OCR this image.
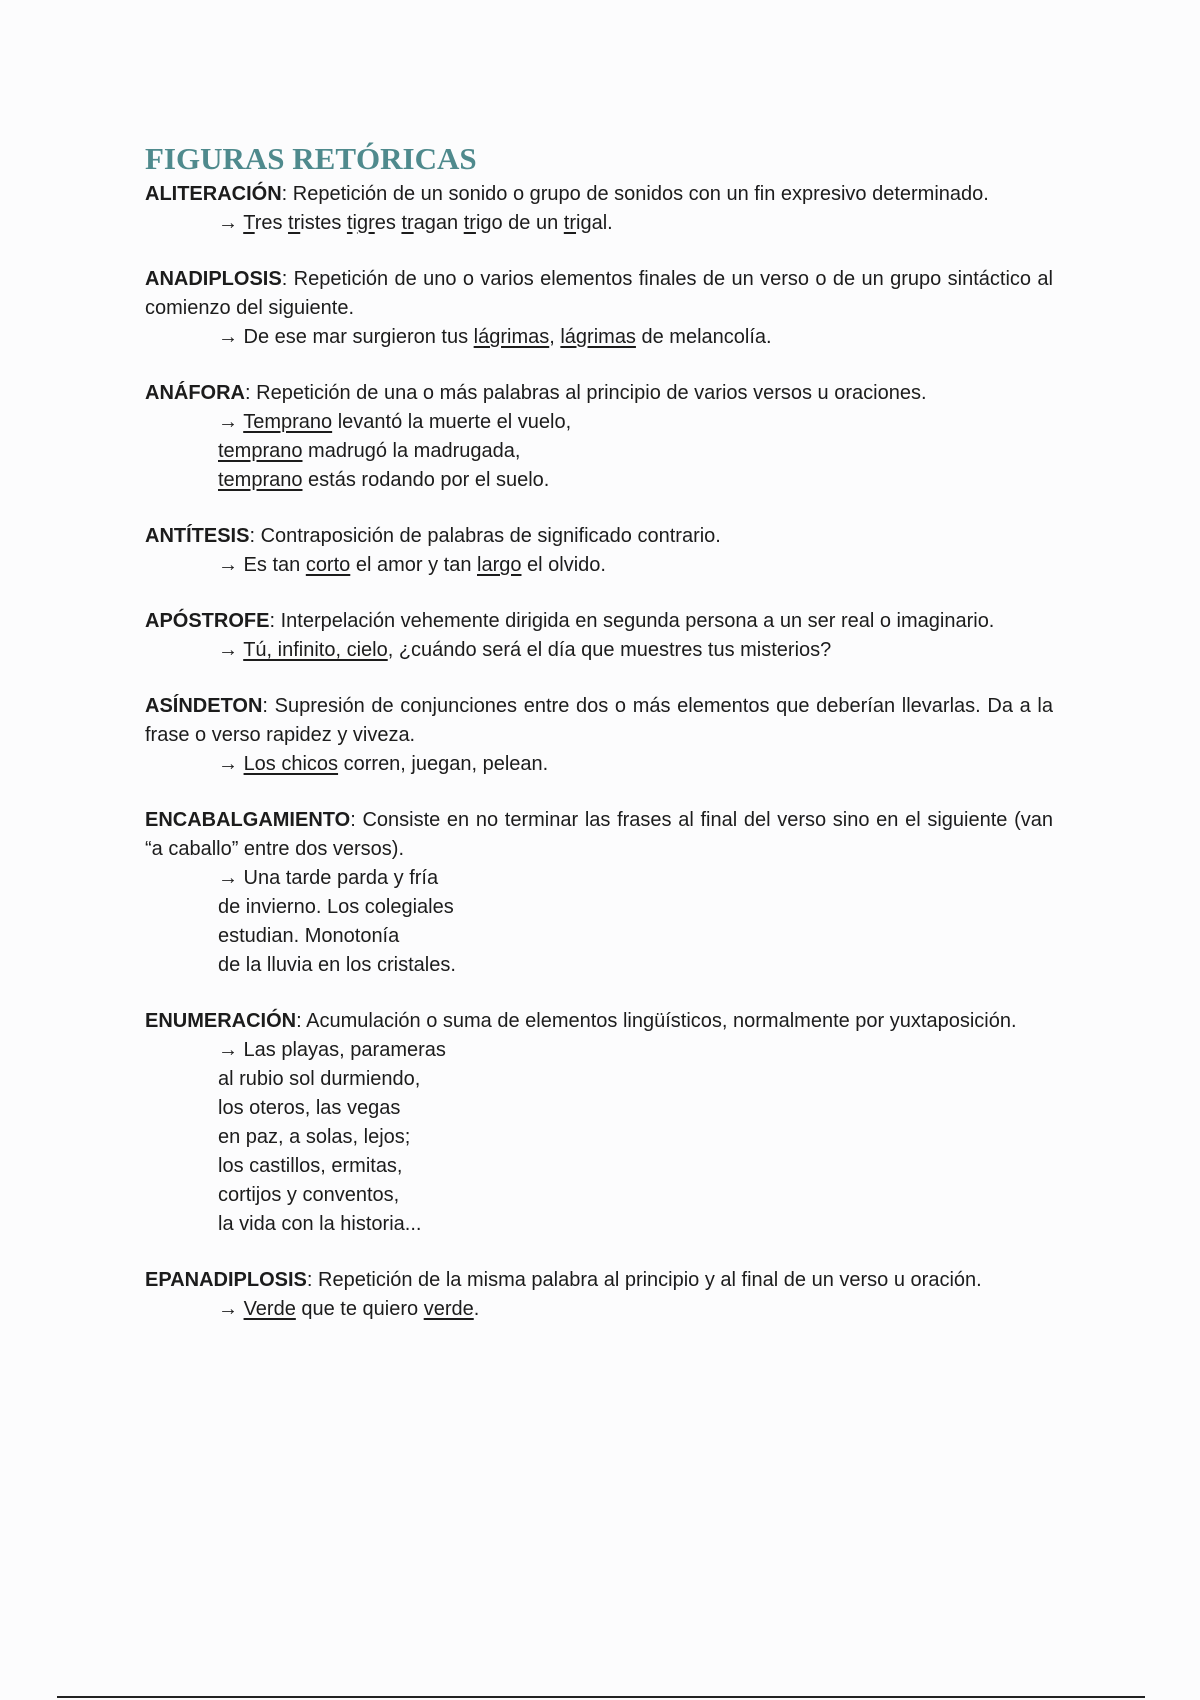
FIGURAS RETÓRICAS

ALITERACIÓN: Repetición de un sonido o grupo de sonidos con un fin expresivo determinado.

→ Tres tristes tigres tragan trigo de un trigal.

ANADIPLOSIS: Repetición de uno o varios elementos finales de un verso o de un grupo sintáctico al comienzo del siguiente.

→ De ese mar surgieron tus lágrimas, lágrimas de melancolía.

ANÁFORA: Repetición de una o más palabras al principio de varios versos u oraciones.

→ Temprano levantó la muerte el vuelo,
temprano madrugó la madrugada,
temprano estás rodando por el suelo.

ANTÍTESIS: Contraposición de palabras de significado contrario.

→ Es tan corto el amor y tan largo el olvido.

APÓSTROFE: Interpelación vehemente dirigida en segunda persona a un ser real o imaginario.

→ Tú, infinito, cielo, ¿cuándo será el día que muestres tus misterios?

ASÍNDETON: Supresión de conjunciones entre dos o más elementos que deberían llevarlas. Da a la frase o verso rapidez y viveza.

→ Los chicos corren, juegan, pelean.

ENCABALGAMIENTO: Consiste en no terminar las frases al final del verso sino en el siguiente (van “a caballo” entre dos versos).

→ Una tarde parda y fría
de invierno. Los colegiales
estudian. Monotonía
de la lluvia en los cristales.

ENUMERACIÓN: Acumulación o suma de elementos lingüísticos, normalmente por yuxtaposición.

→ Las playas, parameras
al rubio sol durmiendo,
los oteros, las vegas
en paz, a solas, lejos;
los castillos, ermitas,
cortijos y conventos,
la vida con la historia...

EPANADIPLOSIS: Repetición de la misma palabra al principio y al final de un verso u oración.

→ Verde que te quiero verde.
